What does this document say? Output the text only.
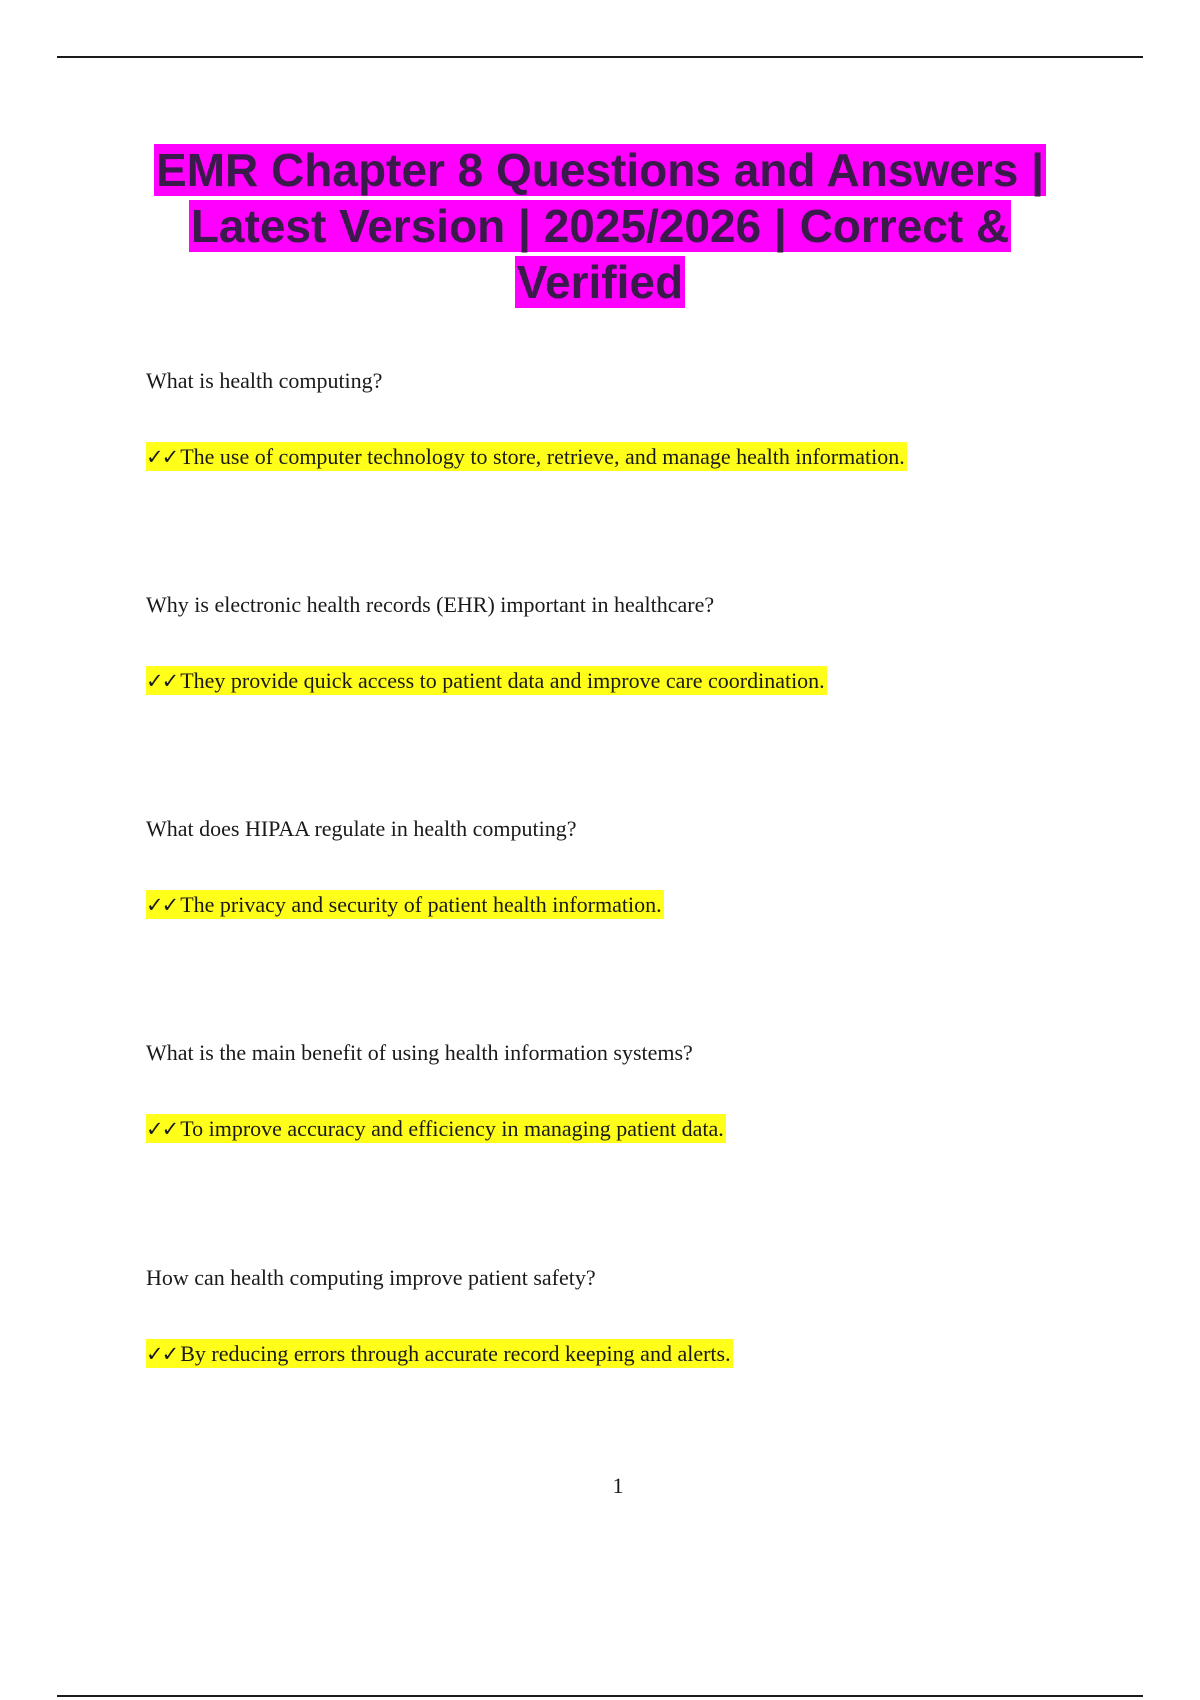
EMR Chapter 8 Questions and Answers | Latest Version | 2025/2026 | Correct & Verified

What is health computing?

✓✓ The use of computer technology to store, retrieve, and manage health information.

Why is electronic health records (EHR) important in healthcare?

✓✓ They provide quick access to patient data and improve care coordination.

What does HIPAA regulate in health computing?

✓✓ The privacy and security of patient health information.

What is the main benefit of using health information systems?

✓✓ To improve accuracy and efficiency in managing patient data.

How can health computing improve patient safety?

✓✓ By reducing errors through accurate record keeping and alerts.

1
